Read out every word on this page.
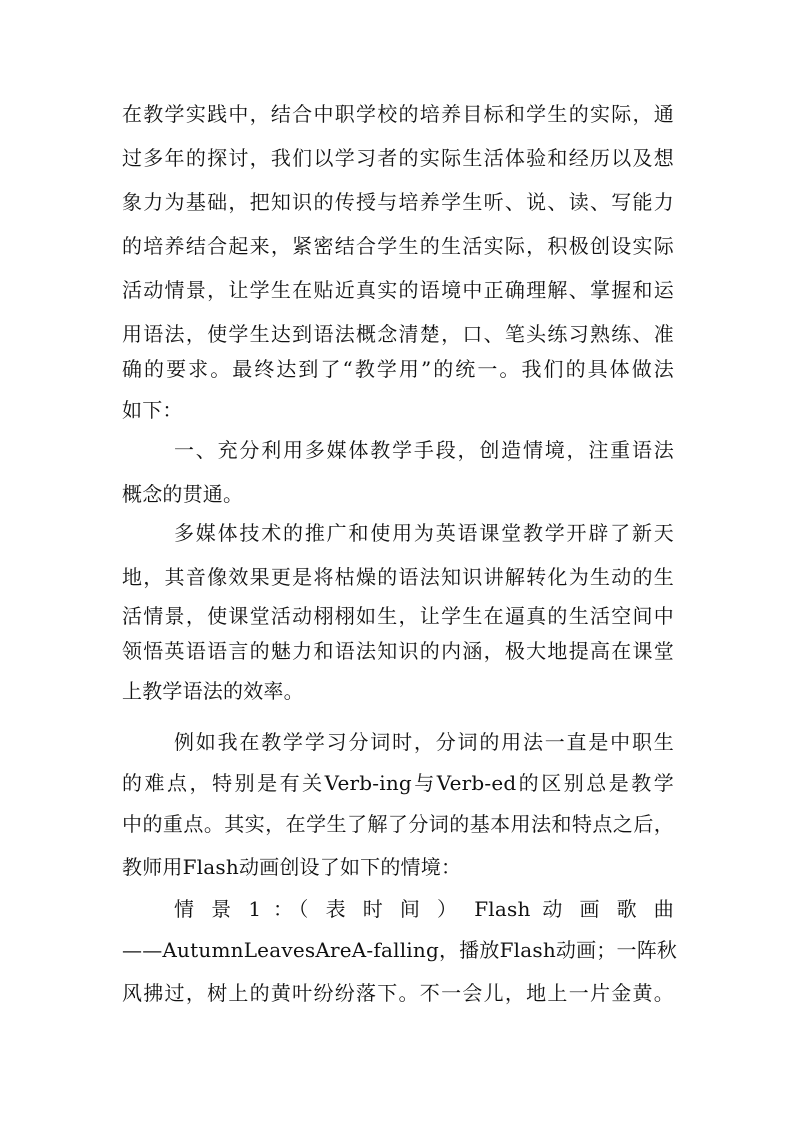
在教学实践中，结合中职学校的培养目标和学生的实际，通
过多年的探讨，我们以学习者的实际生活体验和经历以及想
象力为基础，把知识的传授与培养学生听、说、读、写能力
的培养结合起来，紧密结合学生的生活实际，积极创设实际
活动情景，让学生在贴近真实的语境中正确理解、掌握和运
用语法，使学生达到语法概念清楚，口、笔头练习熟练、准
确的要求。最终达到了“教学用”的统一。我们的具体做法
如下：
一、充分利用多媒体教学手段，创造情境，注重语法
概念的贯通。
多媒体技术的推广和使用为英语课堂教学开辟了新天
地，其音像效果更是将枯燥的语法知识讲解转化为生动的生
活情景，使课堂活动栩栩如生，让学生在逼真的生活空间中
领悟英语语言的魅力和语法知识的内涵，极大地提高在课堂
上教学语法的效率。
例如我在教学学习分词时，分词的用法一直是中职生
的难点，特别是有关Verb-ing与Verb-ed的区别总是教学
中的重点。其实，在学生了解了分词的基本用法和特点之后，
教师用Flash动画创设了如下的情境：
情 景 1 ：（ 表 时 间 ） Flash 动 画 歌 曲
——AutumnLeavesAreA-falling，播放Flash动画；一阵秋
风拂过，树上的黄叶纷纷落下。不一会儿，地上一片金黄。
